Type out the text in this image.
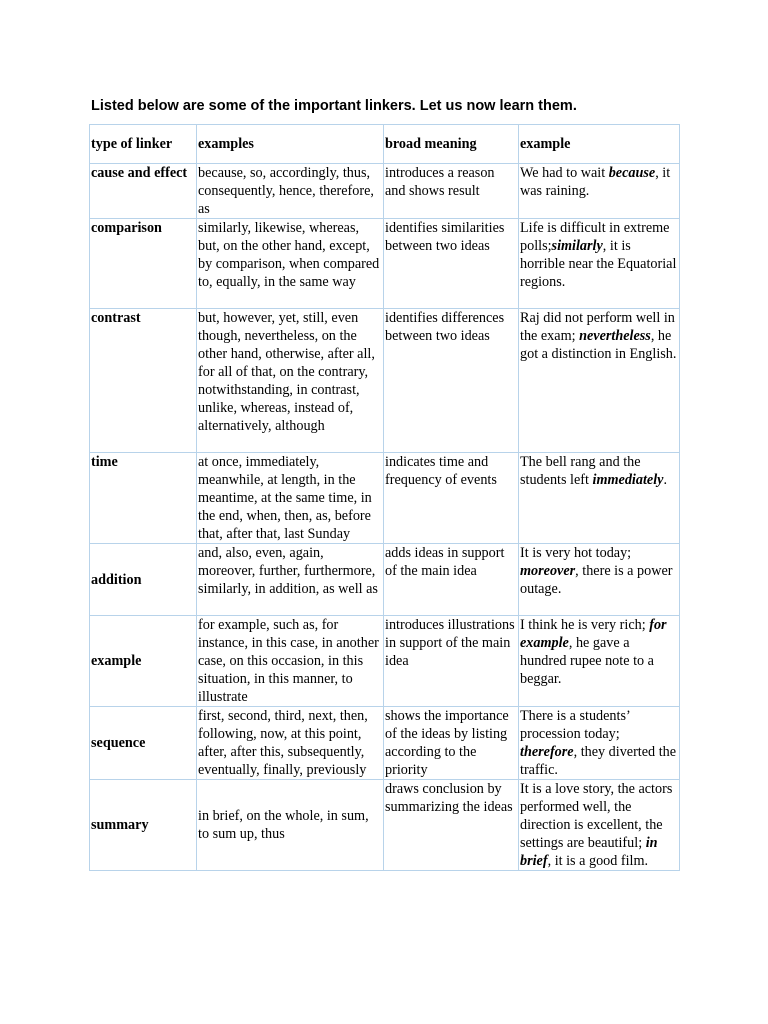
Listed below are some of the important linkers. Let us now learn them.
type of linker	examples	broad meaning	example
cause and effect	because, so, accordingly, thus, consequently, hence, therefore, as	introduces a reason and shows result	We had to wait because, it was raining.
comparison	similarly, likewise, whereas, but, on the other hand, except, by comparison, when compared to, equally, in the same way	identifies similarities between two ideas	Life is difficult in extreme polls;similarly, it is horrible near the Equatorial regions.
contrast	but, however, yet, still, even though, nevertheless, on the other hand, otherwise, after all, for all of that, on the contrary, notwithstanding, in contrast, unlike, whereas, instead of, alternatively, although	identifies differences between two ideas	Raj did not perform well in the exam; nevertheless, he got a distinction in English.
time	at once, immediately, meanwhile, at length, in the meantime, at the same time, in the end, when, then, as, before that, after that, last Sunday	indicates time and frequency of events	The bell rang and the students left immediately.
addition	and, also, even, again, moreover, further, furthermore, similarly, in addition, as well as	adds ideas in support of the main idea	It is very hot today; moreover, there is a power outage.
example	for example, such as, for instance, in this case, in another case, on this occasion, in this situation, in this manner, to illustrate	introduces illustrations in support of the main idea	I think he is very rich; for example, he gave a hundred rupee note to a beggar.
sequence	first, second, third, next, then, following, now, at this point, after, after this, subsequently, eventually, finally, previously	shows the importance of the ideas by listing according to the priority	There is a students’ procession today; therefore, they diverted the traffic.
summary	in brief, on the whole, in sum, to sum up, thus	draws conclusion by summarizing the ideas	It is a love story, the actors performed well, the direction is excellent, the settings are beautiful; in brief, it is a good film.
